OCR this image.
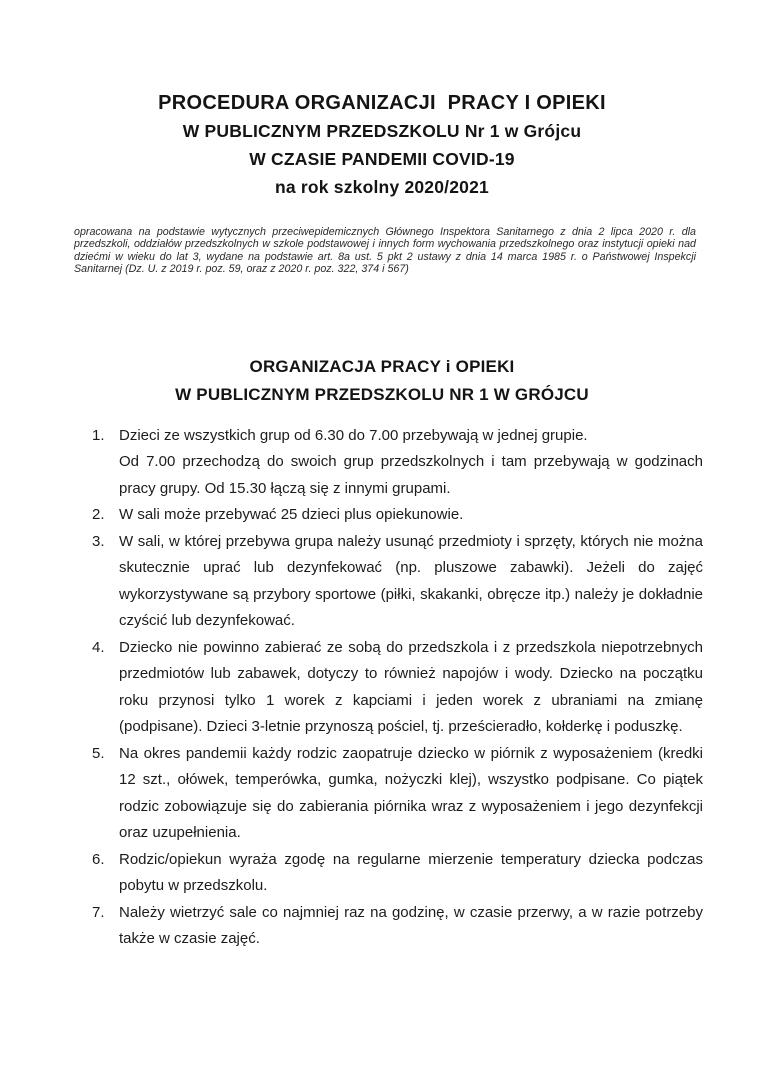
PROCEDURA ORGANIZACJI  PRACY I OPIEKI
W PUBLICZNYM PRZEDSZKOLU Nr 1 w Grójcu
W CZASIE PANDEMII COVID-19
na rok szkolny 2020/2021

opracowana na podstawie wytycznych przeciwepidemicznych Głównego Inspektora Sanitarnego z dnia 2 lipca 2020 r. dla przedszkoli, oddziałów przedszkolnych w szkole podstawowej i innych form wychowania przedszkolnego oraz instytucji opieki nad dziećmi w wieku do lat 3, wydane na podstawie art. 8a ust. 5 pkt 2 ustawy z dnia 14 marca 1985 r. o Państwowej Inspekcji Sanitarnej (Dz. U. z 2019 r. poz. 59, oraz z 2020 r. poz. 322, 374 i 567)

ORGANIZACJA PRACY i OPIEKI
W PUBLICZNYM PRZEDSZKOLU NR 1 W GRÓJCU
1. Dzieci ze wszystkich grup od 6.30 do 7.00 przebywają w jednej grupie.
Od 7.00 przechodzą do swoich grup przedszkolnych i tam przebywają w godzinach pracy grupy. Od 15.30 łączą się z innymi grupami.
2. W sali może przebywać 25 dzieci plus opiekunowie.
3. W sali, w której przebywa grupa należy usunąć przedmioty i sprzęty, których nie można skutecznie uprać lub dezynfekować (np. pluszowe zabawki). Jeżeli do zajęć wykorzystywane są przybory sportowe (piłki, skakanki, obręcze itp.) należy je dokładnie czyścić lub dezynfekować.
4. Dziecko nie powinno zabierać ze sobą do przedszkola i z przedszkola niepotrzebnych przedmiotów lub zabawek, dotyczy to również napojów i wody. Dziecko na początku roku przynosi tylko 1 worek z kapciami i jeden worek z ubraniami na zmianę (podpisane). Dzieci 3-letnie przynoszą pościel, tj. prześcieradło, kołderkę i poduszkę.
5. Na okres pandemii każdy rodzic zaopatruje dziecko w piórnik z wyposażeniem (kredki 12 szt., ołówek, temperówka, gumka, nożyczki klej), wszystko podpisane. Co piątek rodzic zobowiązuje się do zabierania piórnika wraz z wyposażeniem i jego dezynfekcji oraz uzupełnienia.
6. Rodzic/opiekun wyraża zgodę na regularne mierzenie temperatury dziecka podczas pobytu w przedszkolu.
7. Należy wietrzyć sale co najmniej raz na godzinę, w czasie przerwy, a w razie potrzeby także w czasie zajęć.
